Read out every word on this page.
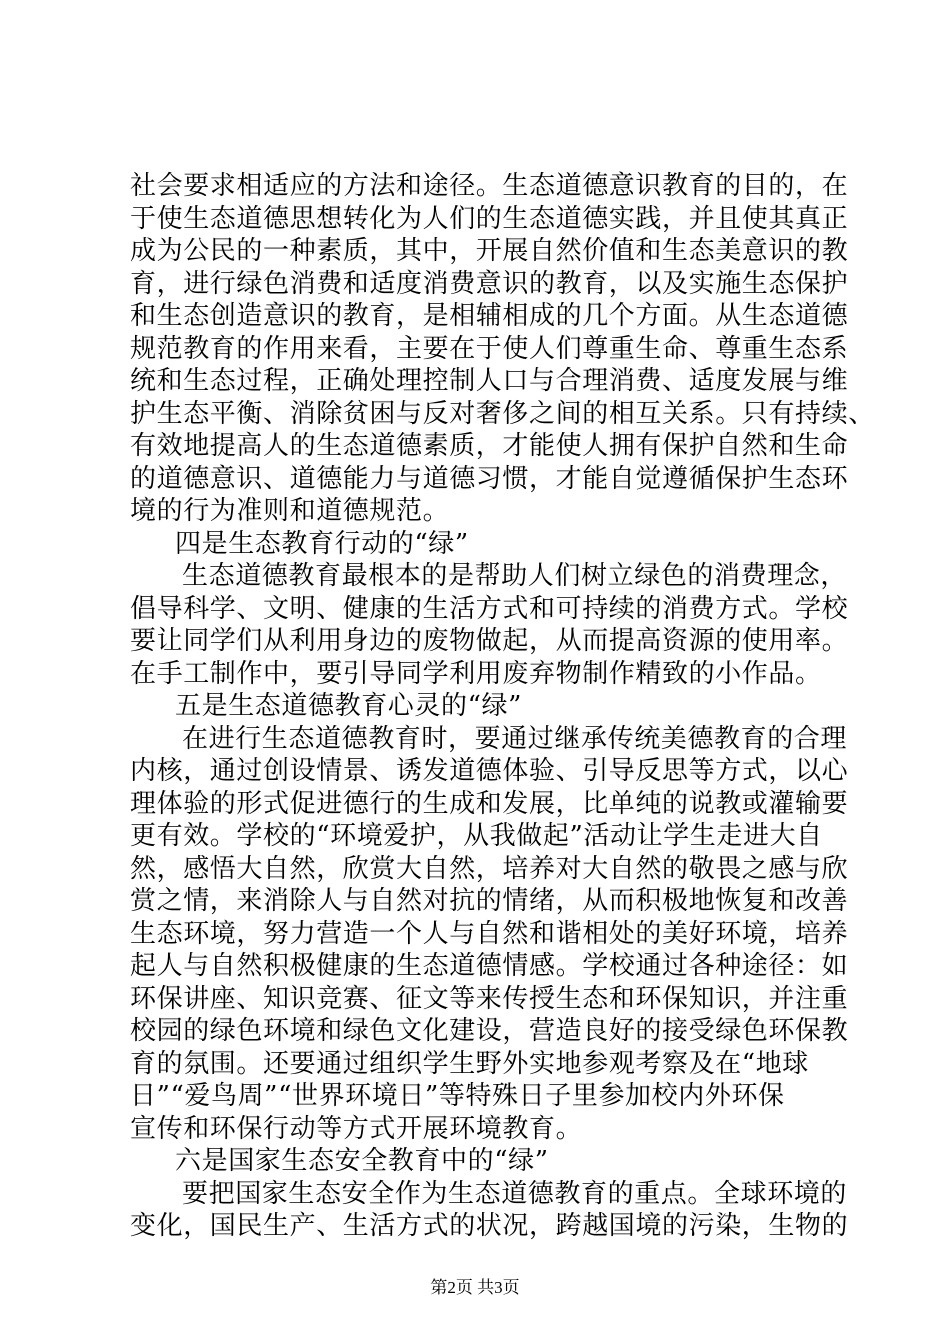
社会要求相适应的方法和途径。生态道德意识教育的目的，在
于使生态道德思想转化为人们的生态道德实践，并且使其真正
成为公民的一种素质，其中，开展自然价值和生态美意识的教
育，进行绿色消费和适度消费意识的教育，以及实施生态保护
和生态创造意识的教育，是相辅相成的几个方面。从生态道德
规范教育的作用来看，主要在于使人们尊重生命、尊重生态系
统和生态过程，正确处理控制人口与合理消费、适度发展与维
护生态平衡、消除贫困与反对奢侈之间的相互关系。只有持续、
有效地提高人的生态道德素质，才能使人拥有保护自然和生命
的道德意识、道德能力与道德习惯，才能自觉遵循保护生态环
境的行为准则和道德规范。
四是生态教育行动的“绿”
生态道德教育最根本的是帮助人们树立绿色的消费理念，
倡导科学、文明、健康的生活方式和可持续的消费方式。学校
要让同学们从利用身边的废物做起，从而提高资源的使用率。
在手工制作中，要引导同学利用废弃物制作精致的小作品。
五是生态道德教育心灵的“绿”
在进行生态道德教育时，要通过继承传统美德教育的合理
内核，通过创设情景、诱发道德体验、引导反思等方式，以心
理体验的形式促进德行的生成和发展，比单纯的说教或灌输要
更有效。学校的“环境爱护，从我做起”活动让学生走进大自
然，感悟大自然，欣赏大自然，培养对大自然的敬畏之感与欣
赏之情，来消除人与自然对抗的情绪，从而积极地恢复和改善
生态环境，努力营造一个人与自然和谐相处的美好环境，培养
起人与自然积极健康的生态道德情感。学校通过各种途径：如
环保讲座、知识竞赛、征文等来传授生态和环保知识，并注重
校园的绿色环境和绿色文化建设，营造良好的接受绿色环保教
育的氛围。还要通过组织学生野外实地参观考察及在“地球
日”“爱鸟周”“世界环境日”等特殊日子里参加校内外环保
宣传和环保行动等方式开展环境教育。
六是国家生态安全教育中的“绿”
要把国家生态安全作为生态道德教育的重点。全球环境的
变化，国民生产、生活方式的状况，跨越国境的污染，生物的
第2页 共3页
